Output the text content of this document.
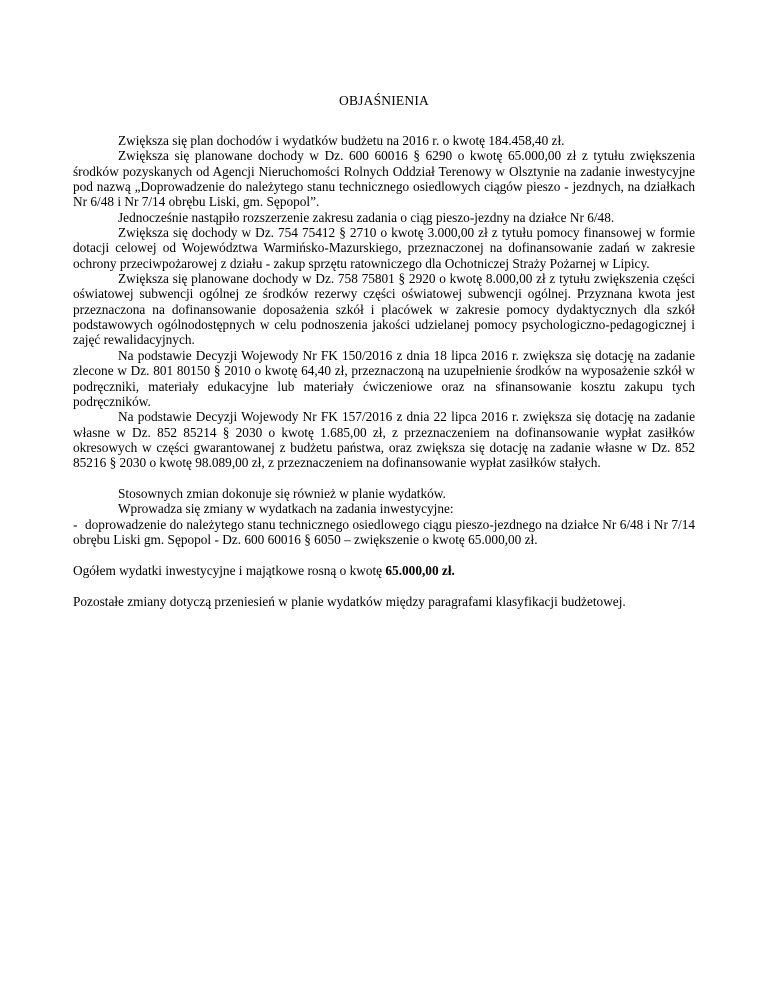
OBJAŚNIENIA

Zwiększa się plan dochodów i wydatków budżetu na 2016 r. o kwotę 184.458,40 zł.

Zwiększa się planowane dochody w Dz. 600 60016 § 6290 o kwotę 65.000,00 zł z tytułu zwiększenia środków pozyskanych od Agencji Nieruchomości Rolnych Oddział Terenowy w Olsztynie na zadanie inwestycyjne pod nazwą „Doprowadzenie do należytego stanu technicznego osiedlowych ciągów pieszo - jezdnych, na działkach Nr 6/48 i Nr 7/14 obrębu Liski, gm. Sępopol”.

Jednocześnie nastąpiło rozszerzenie zakresu zadania o ciąg pieszo-jezdny na działce Nr 6/48.

Zwiększa się dochody w Dz. 754 75412 § 2710 o kwotę 3.000,00 zł z tytułu pomocy finansowej w formie dotacji celowej od Województwa Warmińsko-Mazurskiego, przeznaczonej na dofinansowanie zadań w zakresie ochrony przeciwpożarowej z działu - zakup sprzętu ratowniczego dla Ochotniczej Straży Pożarnej w Lipicy.

Zwiększa się planowane dochody w Dz. 758 75801 § 2920 o kwotę 8.000,00 zł z tytułu zwiększenia części oświatowej subwencji ogólnej ze środków rezerwy części oświatowej subwencji ogólnej. Przyznana kwota jest przeznaczona na dofinansowanie doposażenia szkół i placówek w zakresie pomocy dydaktycznych dla szkół podstawowych ogólnodostępnych w celu podnoszenia jakości udzielanej pomocy psychologiczno-pedagogicznej i zajęć rewalidacyjnych.

Na podstawie Decyzji Wojewody Nr FK 150/2016 z dnia 18 lipca 2016 r. zwiększa się dotację na zadanie zlecone w Dz. 801 80150 § 2010 o kwotę 64,40 zł, przeznaczoną na uzupełnienie środków na wyposażenie szkół w podręczniki, materiały edukacyjne lub materiały ćwiczeniowe oraz na sfinansowanie kosztu zakupu tych podręczników.

Na podstawie Decyzji Wojewody Nr FK 157/2016 z dnia 22 lipca 2016 r. zwiększa się dotację na zadanie własne w Dz. 852 85214 § 2030 o kwotę 1.685,00 zł, z przeznaczeniem na dofinansowanie wypłat zasiłków okresowych w części gwarantowanej z budżetu państwa, oraz zwiększa się dotację na zadanie własne w Dz. 852 85216 § 2030 o kwotę 98.089,00 zł, z przeznaczeniem na dofinansowanie wypłat zasiłków stałych.

Stosownych zmian dokonuje się również w planie wydatków.

Wprowadza się zmiany w wydatkach na zadania inwestycyjne:

- doprowadzenie do należytego stanu technicznego osiedlowego ciągu pieszo-jezdnego na działce Nr 6/48 i Nr 7/14 obrębu Liski gm. Sępopol - Dz. 600 60016 § 6050 – zwiększenie o kwotę 65.000,00 zł.

Ogółem wydatki inwestycyjne i majątkowe rosną o kwotę 65.000,00 zł.

Pozostałe zmiany dotyczą przeniesień w planie wydatków między paragrafami klasyfikacji budżetowej.
